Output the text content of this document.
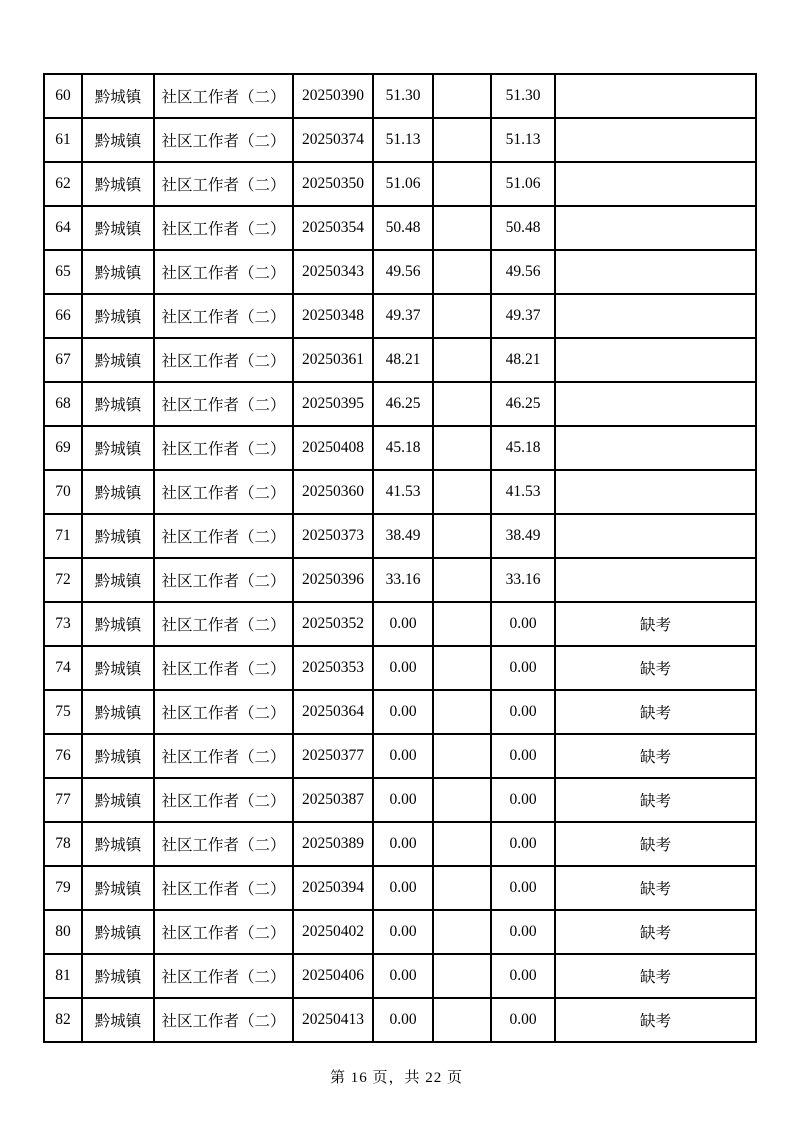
60	黔城镇	社区工作者（二）	20250390	51.30		51.30	
61	黔城镇	社区工作者（二）	20250374	51.13		51.13	
62	黔城镇	社区工作者（二）	20250350	51.06		51.06	
64	黔城镇	社区工作者（二）	20250354	50.48		50.48	
65	黔城镇	社区工作者（二）	20250343	49.56		49.56	
66	黔城镇	社区工作者（二）	20250348	49.37		49.37	
67	黔城镇	社区工作者（二）	20250361	48.21		48.21	
68	黔城镇	社区工作者（二）	20250395	46.25		46.25	
69	黔城镇	社区工作者（二）	20250408	45.18		45.18	
70	黔城镇	社区工作者（二）	20250360	41.53		41.53	
71	黔城镇	社区工作者（二）	20250373	38.49		38.49	
72	黔城镇	社区工作者（二）	20250396	33.16		33.16	
73	黔城镇	社区工作者（二）	20250352	0.00		0.00	缺考
74	黔城镇	社区工作者（二）	20250353	0.00		0.00	缺考
75	黔城镇	社区工作者（二）	20250364	0.00		0.00	缺考
76	黔城镇	社区工作者（二）	20250377	0.00		0.00	缺考
77	黔城镇	社区工作者（二）	20250387	0.00		0.00	缺考
78	黔城镇	社区工作者（二）	20250389	0.00		0.00	缺考
79	黔城镇	社区工作者（二）	20250394	0.00		0.00	缺考
80	黔城镇	社区工作者（二）	20250402	0.00		0.00	缺考
81	黔城镇	社区工作者（二）	20250406	0.00		0.00	缺考
82	黔城镇	社区工作者（二）	20250413	0.00		0.00	缺考
第 16 页，共 22 页
